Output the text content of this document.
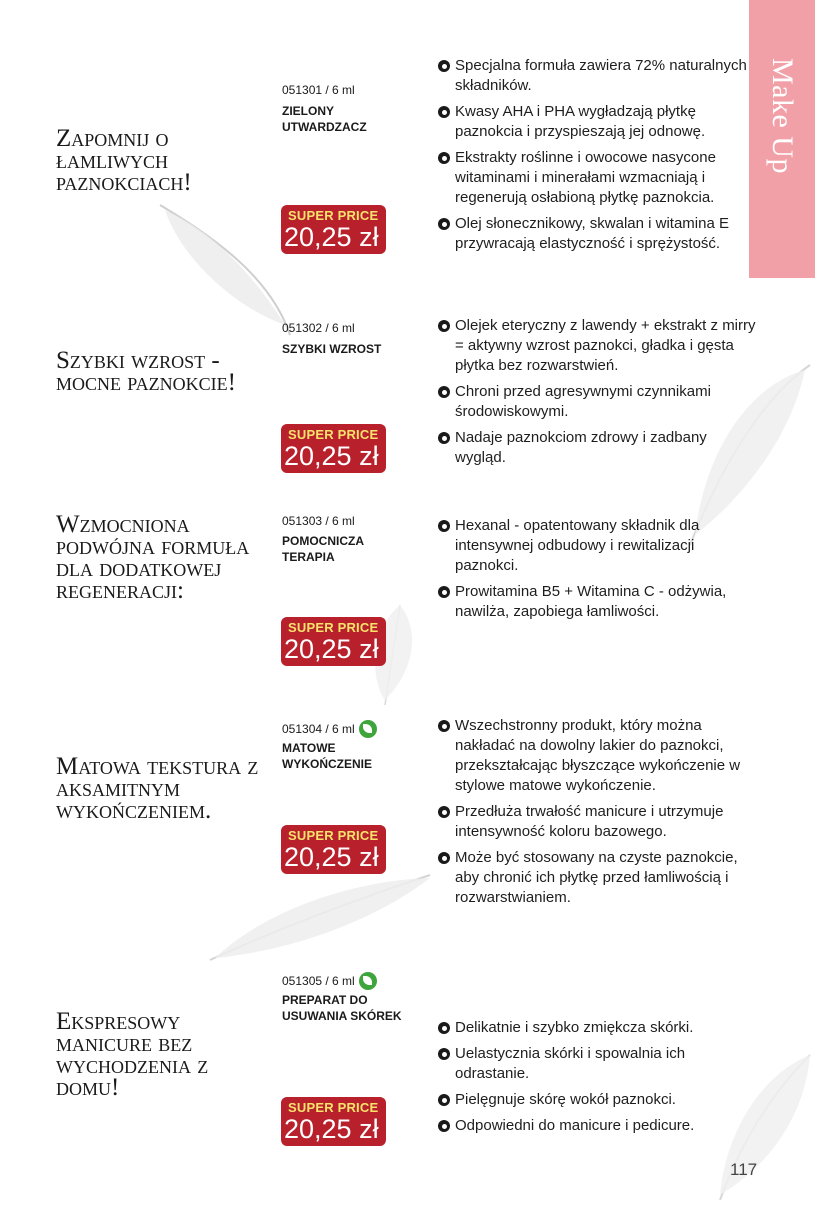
Make Up
Zapomnij o łamliwych paznokciach!
051301 / 6 ml
ZIELONY UTWARDZACZ
SUPER PRICE
20,25 zł
Specjalna formuła zawiera 72% naturalnych składników.
Kwasy AHA i PHA wygładzają płytkę paznokcia i przyspieszają jej odnowę.
Ekstrakty roślinne i owocowe nasycone witaminami i minerałami wzmacniają i regenerują osłabioną płytkę paznokcia.
Olej słonecznikowy, skwalan i witamina E przywracają elastyczność i sprężystość.
Szybki wzrost - mocne paznokcie!
051302 / 6 ml
SZYBKI WZROST
SUPER PRICE
20,25 zł
Olejek eteryczny z lawendy + ekstrakt z mirry = aktywny wzrost paznokci, gładka i gęsta płytka bez rozwarstwień.
Chroni przed agresywnymi czynnikami środowiskowymi.
Nadaje paznokciom zdrowy i zadbany wygląd.
Wzmocniona podwójna formuła dla dodatkowej regeneracji:
051303 / 6 ml
POMOCNICZA TERAPIA
SUPER PRICE
20,25 zł
Hexanal - opatentowany składnik dla intensywnej odbudowy i rewitalizacji paznokci.
Prowitamina B5 + Witamina C - odżywia, nawilża, zapobiega łamliwości.
Matowa tekstura z aksamitnym wykończeniem.
051304 / 6 ml
MATOWE WYKOŃCZENIE
SUPER PRICE
20,25 zł
Wszechstronny produkt, który można nakładać na dowolny lakier do paznokci, przekształcając błyszczące wykończenie w stylowe matowe wykończenie.
Przedłuża trwałość manicure i utrzymuje intensywność koloru bazowego.
Może być stosowany na czyste paznokcie, aby chronić ich płytkę przed łamliwością i rozwarstwianiem.
Ekspresowy manicure bez wychodzenia z domu!
051305 / 6 ml
PREPARAT DO USUWANIA SKÓREK
SUPER PRICE
20,25 zł
Delikatnie i szybko zmiękcza skórki.
Uelastycznia skórki i spowalnia ich odrastanie.
Pielęgnuje skórę wokół paznokci.
Odpowiedni do manicure i pedicure.
117
